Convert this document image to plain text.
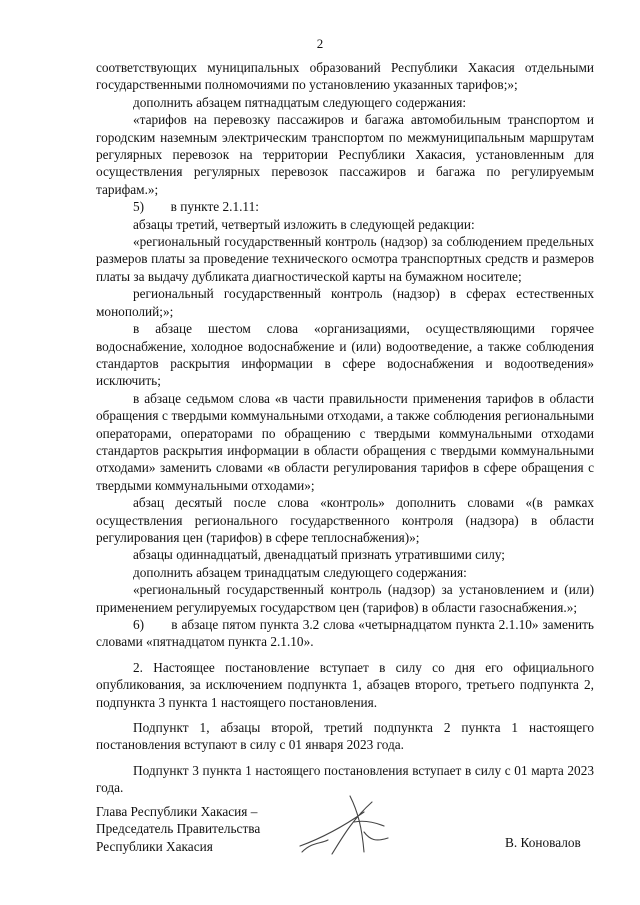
2

соответствующих муниципальных образований Республики Хакасия отдельными государственными полномочиями по установлению указанных тарифов;»;

дополнить абзацем пятнадцатым следующего содержания:

«тарифов на перевозку пассажиров и багажа автомобильным транспортом и городским наземным электрическим транспортом по межмуниципальным маршрутам регулярных перевозок на территории Республики Хакасия, установленным для осуществления регулярных перевозок пассажиров и багажа по регулируемым тарифам.»;

5)        в пункте 2.1.11:

абзацы третий, четвертый изложить в следующей редакции:

«региональный государственный контроль (надзор) за соблюдением предельных размеров платы за проведение технического осмотра транспортных средств и размеров платы за выдачу дубликата диагностической карты на бумажном носителе;

региональный государственный контроль (надзор) в сферах естественных монополий;»;

в абзаце шестом слова «организациями, осуществляющими горячее водоснабжение, холодное водоснабжение и (или) водоотведение, а также соблюдения стандартов раскрытия информации в сфере водоснабжения и водоотведения» исключить;

в абзаце седьмом слова «в части правильности применения тарифов в области обращения с твердыми коммунальными отходами, а также соблюдения региональными операторами, операторами по обращению с твердыми коммунальными отходами стандартов раскрытия информации в области обращения с твердыми коммунальными отходами» заменить словами «в области регулирования тарифов в сфере обращения с твердыми коммунальными отходами»;

абзац десятый после слова «контроль» дополнить словами «(в рамках осуществления регионального государственного контроля (надзора) в области регулирования цен (тарифов) в сфере теплоснабжения)»;

абзацы одиннадцатый, двенадцатый признать утратившими силу;

дополнить абзацем тринадцатым следующего содержания:

«региональный государственный контроль (надзор) за установлением и (или) применением регулируемых государством цен (тарифов) в области газоснабжения.»;

6)       в абзаце пятом пункта 3.2 слова «четырнадцатом пункта 2.1.10» заменить словами «пятнадцатом пункта 2.1.10».

2. Настоящее постановление вступает в силу со дня его официального опубликования, за исключением подпункта 1, абзацев второго, третьего подпункта 2, подпункта 3 пункта 1 настоящего постановления.

Подпункт 1, абзацы второй, третий подпункта 2 пункта 1 настоящего постановления вступают в силу с 01 января 2023 года.

Подпункт 3 пункта 1 настоящего постановления вступает в силу с 01 марта 2023 года.

Глава Республики Хакасия –
Председатель Правительства
Республики Хакасия	В. Коновалов
